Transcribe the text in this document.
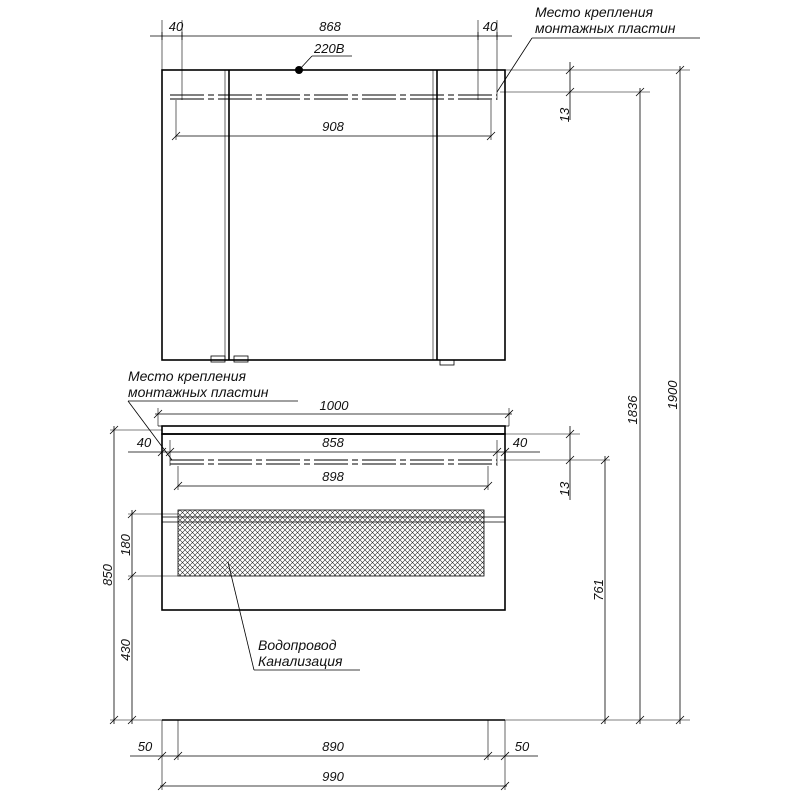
40	868	40
220В
908
Место крепления
монтажных пластин
13
Место крепления
монтажных пластин
1000
40	858	40
898
13
761
850
180
430	Водопровод
Канализация
50	890	50
990
1836
1900
